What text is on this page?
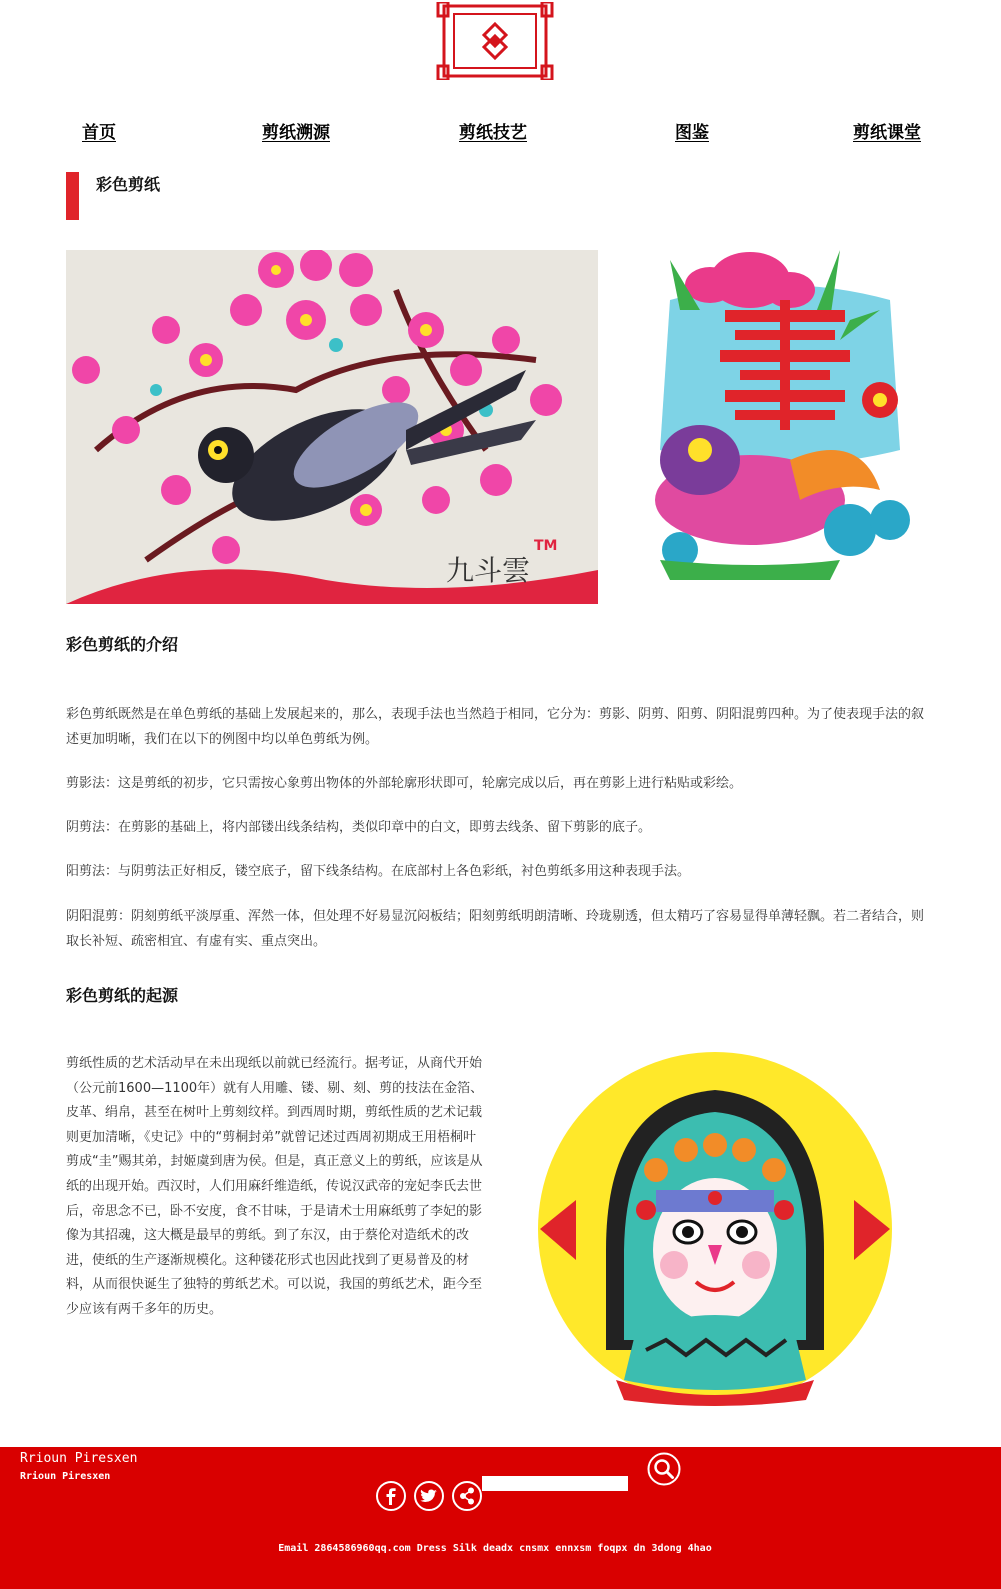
首页	剪纸溯源	剪纸技艺	图鉴	剪纸课堂
彩色剪纸
九斗雲
TM
彩色剪纸的介绍

彩色剪纸既然是在单色剪纸的基础上发展起来的，那么，表现手法也当然趋于相同，它分为：剪影、阴剪、阳剪、阴阳混剪四种。为了使表现手法的叙述更加明晰，我们在以下的例图中均以单色剪纸为例。

剪影法：这是剪纸的初步，它只需按心象剪出物体的外部轮廓形状即可，轮廓完成以后，再在剪影上进行粘贴或彩绘。

阴剪法：在剪影的基础上，将内部镂出线条结构，类似印章中的白文，即剪去线条、留下剪影的底子。

阳剪法：与阴剪法正好相反，镂空底子，留下线条结构。在底部村上各色彩纸，衬色剪纸多用这种表现手法。

阴阳混剪：阴刻剪纸平淡厚重、浑然一体，但处理不好易显沉闷板结；阳刻剪纸明朗清晰、玲珑剔透，但太精巧了容易显得单薄轻飘。若二者结合，则取长补短、疏密相宜、有虚有实、重点突出。

彩色剪纸的起源

剪纸性质的艺术活动早在未出现纸以前就已经流行。据考证，从商代开始（公元前1600—1100年）就有人用雕、镂、剔、刻、剪的技法在金箔、皮革、绢帛，甚至在树叶上剪刻纹样。到西周时期，剪纸性质的艺术记载则更加清晰，《史记》中的“剪桐封弟”就曾记述过西周初期成王用梧桐叶剪成“圭”赐其弟，封姬虞到唐为侯。但是，真正意义上的剪纸，应该是从纸的出现开始。西汉时，人们用麻纤维造纸，传说汉武帝的宠妃李氏去世后，帝思念不已，卧不安度，食不甘味，于是请术士用麻纸剪了李妃的影像为其招魂，这大概是最早的剪纸。到了东汉，由于蔡伦对造纸术的改进，使纸的生产逐渐规模化。这种镂花形式也因此找到了更易普及的材料，从而很快诞生了独特的剪纸艺术。可以说，我国的剪纸艺术，距今至少应该有两千多年的历史。

Rrioun Piresxen
Rrioun Piresxen
Email 2864586960qq.com Dress Silk deadx cnsmx ennxsm foqpx dn 3dong 4hao
